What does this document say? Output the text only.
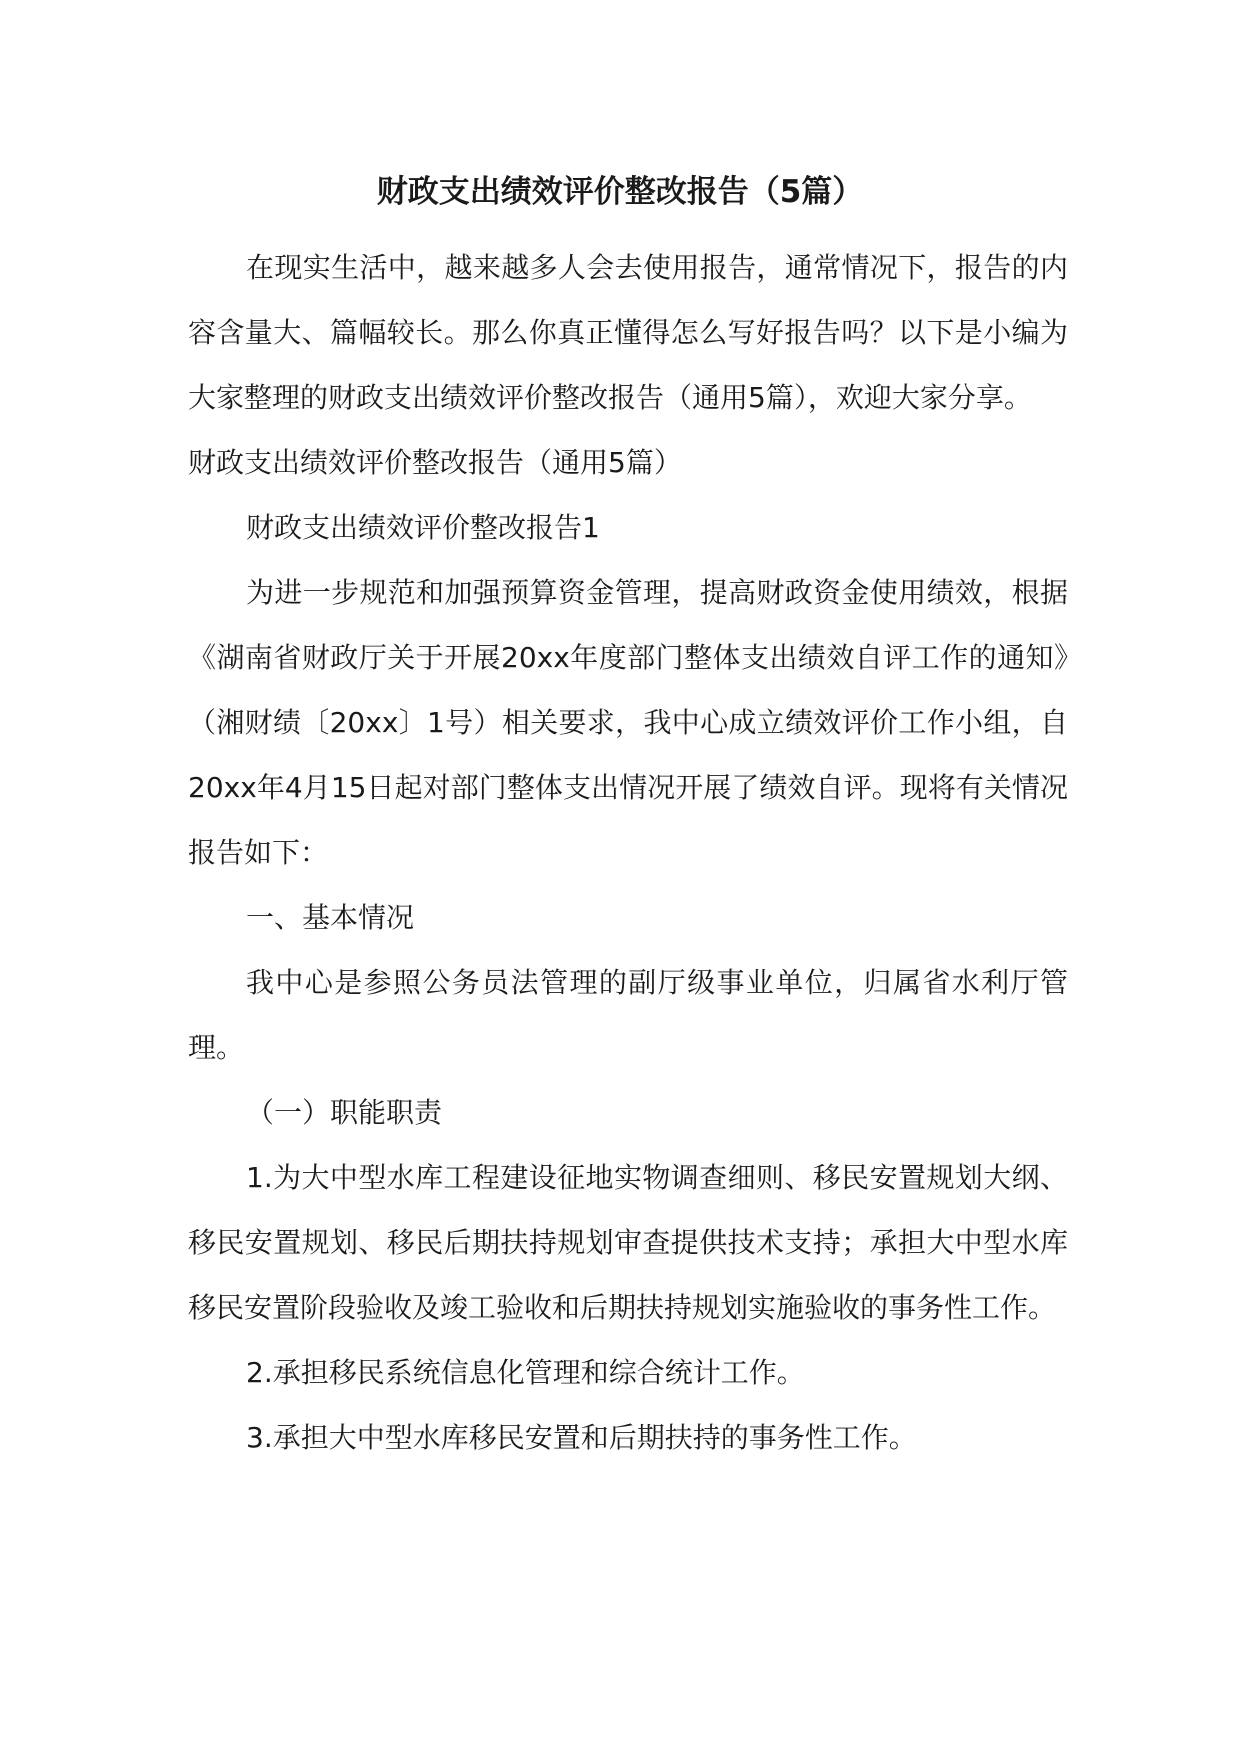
财政支出绩效评价整改报告（5篇）

在现实生活中，越来越多人会去使用报告，通常情况下，报告的内容含量大、篇幅较长。那么你真正懂得怎么写好报告吗？以下是小编为大家整理的财政支出绩效评价整改报告（通用5篇），欢迎大家分享。

财政支出绩效评价整改报告（通用5篇）

财政支出绩效评价整改报告1

为进一步规范和加强预算资金管理，提高财政资金使用绩效，根据《湖南省财政厅关于开展20xx年度部门整体支出绩效自评工作的通知》（湘财绩〔20xx〕1号）相关要求，我中心成立绩效评价工作小组，自20xx年4月15日起对部门整体支出情况开展了绩效自评。现将有关情况报告如下：

一、基本情况

我中心是参照公务员法管理的副厅级事业单位，归属省水利厅管理。

（一）职能职责

1.为大中型水库工程建设征地实物调查细则、移民安置规划大纲、移民安置规划、移民后期扶持规划审查提供技术支持；承担大中型水库移民安置阶段验收及竣工验收和后期扶持规划实施验收的事务性工作。

2.承担移民系统信息化管理和综合统计工作。

3.承担大中型水库移民安置和后期扶持的事务性工作。
